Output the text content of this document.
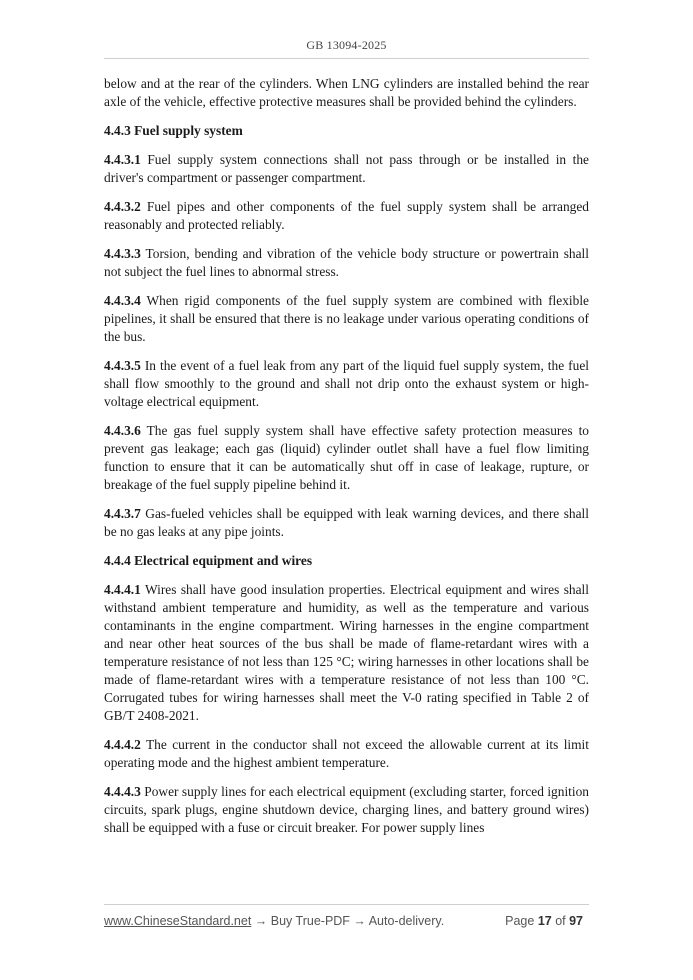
GB 13094-2025

below and at the rear of the cylinders. When LNG cylinders are installed behind the rear axle of the vehicle, effective protective measures shall be provided behind the cylinders.

4.4.3 Fuel supply system

4.4.3.1 Fuel supply system connections shall not pass through or be installed in the driver's compartment or passenger compartment.

4.4.3.2 Fuel pipes and other components of the fuel supply system shall be arranged reasonably and protected reliably.

4.4.3.3 Torsion, bending and vibration of the vehicle body structure or powertrain shall not subject the fuel lines to abnormal stress.

4.4.3.4 When rigid components of the fuel supply system are combined with flexible pipelines, it shall be ensured that there is no leakage under various operating conditions of the bus.

4.4.3.5 In the event of a fuel leak from any part of the liquid fuel supply system, the fuel shall flow smoothly to the ground and shall not drip onto the exhaust system or high-voltage electrical equipment.

4.4.3.6 The gas fuel supply system shall have effective safety protection measures to prevent gas leakage; each gas (liquid) cylinder outlet shall have a fuel flow limiting function to ensure that it can be automatically shut off in case of leakage, rupture, or breakage of the fuel supply pipeline behind it.

4.4.3.7 Gas-fueled vehicles shall be equipped with leak warning devices, and there shall be no gas leaks at any pipe joints.

4.4.4 Electrical equipment and wires

4.4.4.1 Wires shall have good insulation properties. Electrical equipment and wires shall withstand ambient temperature and humidity, as well as the temperature and various contaminants in the engine compartment. Wiring harnesses in the engine compartment and near other heat sources of the bus shall be made of flame-retardant wires with a temperature resistance of not less than 125 °C; wiring harnesses in other locations shall be made of flame-retardant wires with a temperature resistance of not less than 100 °C. Corrugated tubes for wiring harnesses shall meet the V-0 rating specified in Table 2 of GB/T 2408-2021.

4.4.4.2 The current in the conductor shall not exceed the allowable current at its limit operating mode and the highest ambient temperature.

4.4.4.3 Power supply lines for each electrical equipment (excluding starter, forced ignition circuits, spark plugs, engine shutdown device, charging lines, and battery ground wires) shall be equipped with a fuse or circuit breaker. For power supply lines

www.ChineseStandard.net → Buy True-PDF → Auto-delivery.	Page 17 of 97
